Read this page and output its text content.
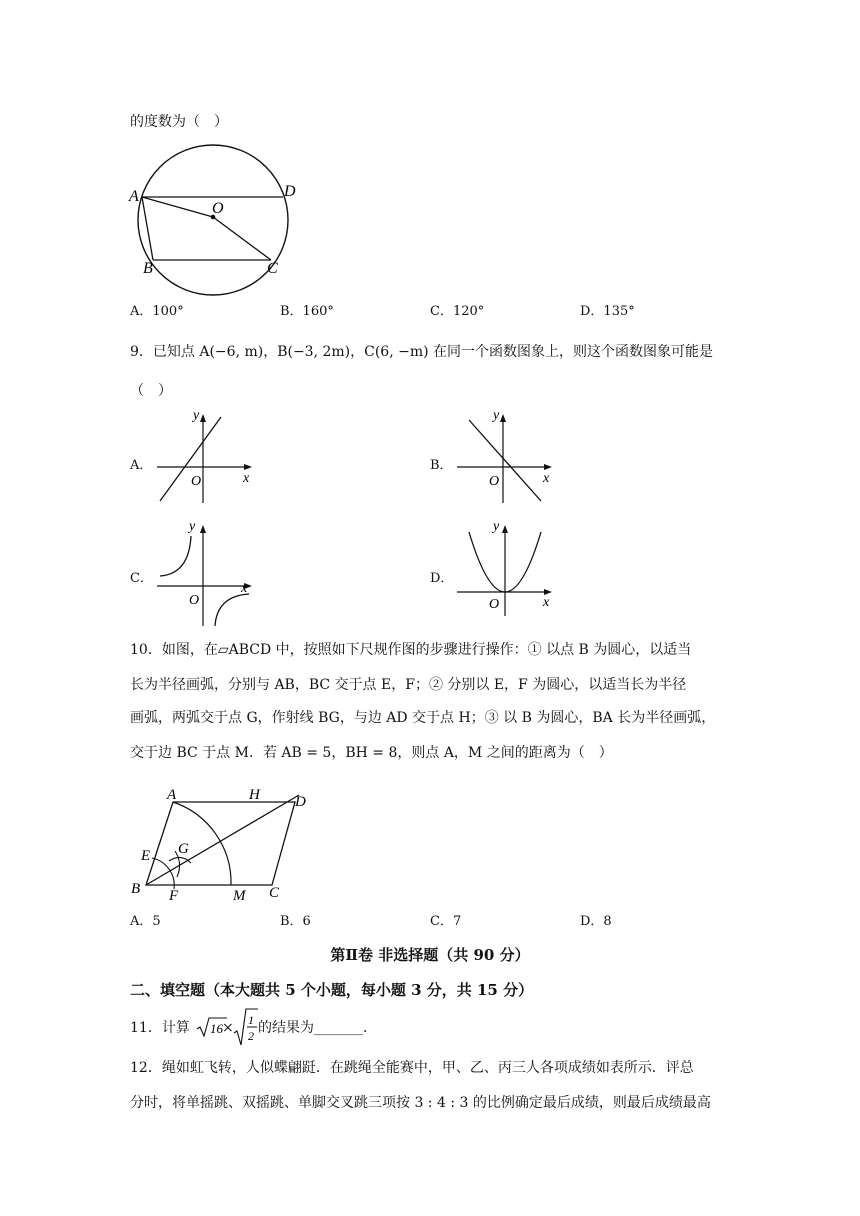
的度数为（　）
A	D
O
B	C
A．100°	B．160°	C．120°	D．135°
9．已知点 A(−6, m)，B(−3, 2m)，C(6, −m) 在同一个函数图象上，则这个函数图象可能是
（　）
A．
y
x
O
B．
y
x
O
C．
y
x
O
D．
y
x
O
10．如图，在▱ABCD 中，按照如下尺规作图的步骤进行操作：① 以点 B 为圆心，以适当
长为半径画弧，分别与 AB，BC 交于点 E，F；② 分别以 E，F 为圆心，以适当长为半径
画弧，两弧交于点 G，作射线 BG，与边 AD 交于点 H；③ 以 B 为圆心，BA 长为半径画弧，
交于边 BC 于点 M．若 AB = 5，BH = 8，则点 A，M 之间的距离为（　）
A	H D
E G
B F	M C
A．5	B．6	C．7	D．8
第Ⅱ卷 非选择题（共 90 分）
二、填空题（本大题共 5 个小题，每小题 3 分，共 15 分）
11．计算 16 × 1
2 的结果为_______．
12．绳如虹飞转，人似蝶翩跹．在跳绳全能赛中，甲、乙、丙三人各项成绩如表所示．评总
分时，将单摇跳、双摇跳、单脚交叉跳三项按 3 : 4 : 3 的比例确定最后成绩，则最后成绩最高
